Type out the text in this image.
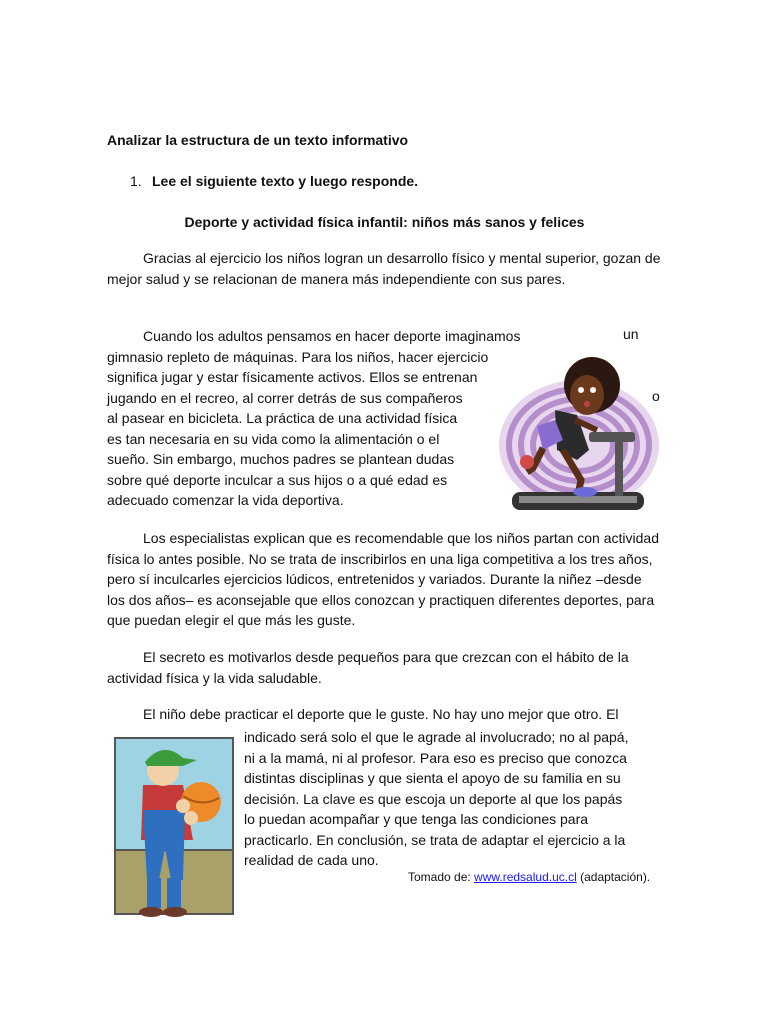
Analizar la estructura de un texto informativo
1. Lee el siguiente texto y luego responde.
Deporte y actividad física infantil: niños más sanos y felices
Gracias al ejercicio los niños logran un desarrollo físico y mental superior, gozan de mejor salud y se relacionan de manera más independiente con sus pares.
Cuando los adultos pensamos en hacer deporte imaginamos
gimnasio repleto de máquinas. Para los niños, hacer ejercicio
significa jugar y estar físicamente activos. Ellos se entrenan
jugando en el recreo, al correr detrás de sus compañeros
al pasear en bicicleta. La práctica de una actividad física
es tan necesaria en su vida como la alimentación o el
sueño. Sin embargo, muchos padres se plantean dudas
sobre qué deporte inculcar a sus hijos o a qué edad es
adecuado comenzar la vida deportiva.
un
o
Los especialistas explican que es recomendable que los niños partan con actividad física lo antes posible. No se trata de inscribirlos en una liga competitiva a los tres años, pero sí inculcarles ejercicios lúdicos, entretenidos y variados. Durante la niñez –desde los dos años– es aconsejable que ellos conozcan y practiquen diferentes deportes, para que puedan elegir el que más les guste.
El secreto es motivarlos desde pequeños para que crezcan con el hábito de la actividad física y la vida saludable.
El niño debe practicar el deporte que le guste. No hay uno mejor que otro. El
indicado será solo el que le agrade al involucrado; no al papá,
ni a la mamá, ni al profesor. Para eso es preciso que conozca
distintas disciplinas y que sienta el apoyo de su familia en su
decisión. La clave es que escoja un deporte al que los papás
lo puedan acompañar y que tenga las condiciones para
practicarlo. En conclusión, se trata de adaptar el ejercicio a la
realidad de cada uno.
Tomado de: www.redsalud.uc.cl (adaptación).
